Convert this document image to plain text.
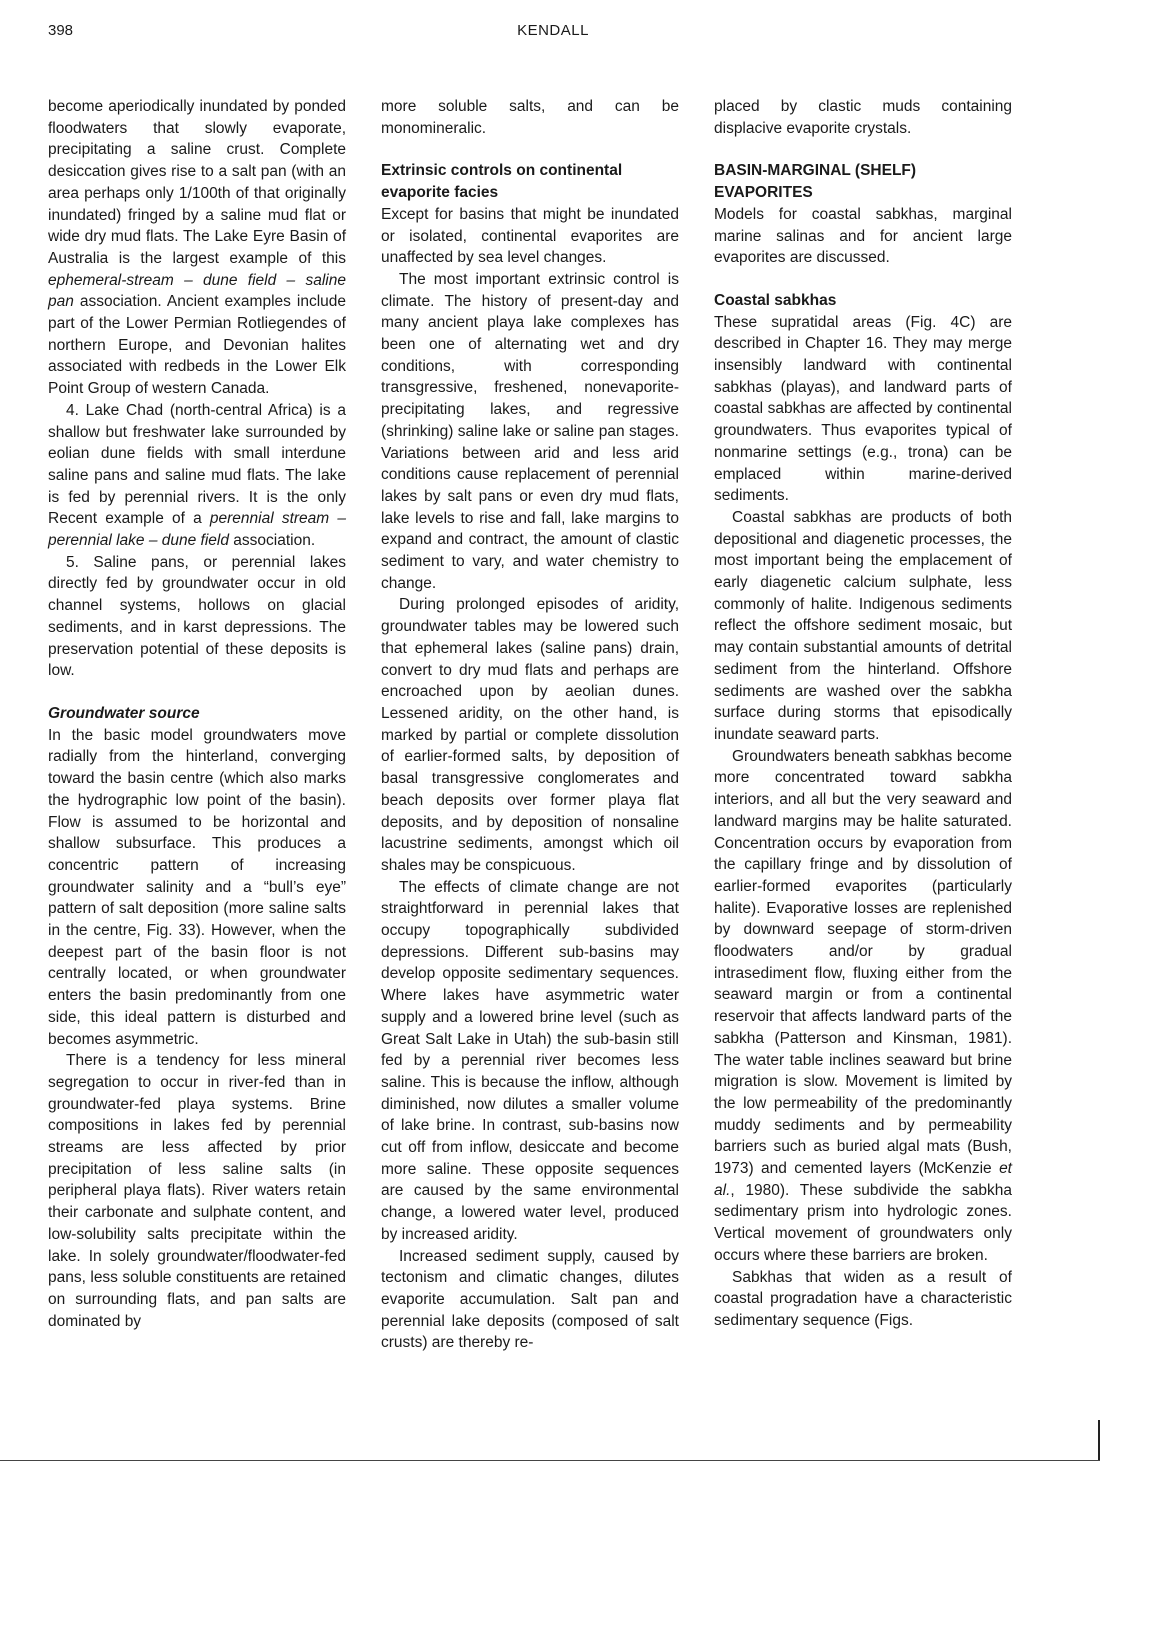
398	KENDALL

become aperiodically inundated by ponded floodwaters that slowly evaporate, precipitating a saline crust. Complete desiccation gives rise to a salt pan (with an area perhaps only 1/100th of that originally inundated) fringed by a saline mud flat or wide dry mud flats. The Lake Eyre Basin of Australia is the largest example of this ephemeral-stream – dune field – saline pan association. Ancient examples include part of the Lower Permian Rotliegendes of northern Europe, and Devonian halites associated with redbeds in the Lower Elk Point Group of western Canada.

4. Lake Chad (north-central Africa) is a shallow but freshwater lake surrounded by eolian dune fields with small interdune saline pans and saline mud flats. The lake is fed by perennial rivers. It is the only Recent example of a perennial stream – perennial lake – dune field association.

5. Saline pans, or perennial lakes directly fed by groundwater occur in old channel systems, hollows on glacial sediments, and in karst depressions. The preservation potential of these deposits is low.

Groundwater source

In the basic model groundwaters move radially from the hinterland, converging toward the basin centre (which also marks the hydrographic low point of the basin). Flow is assumed to be horizontal and shallow subsurface. This produces a concentric pattern of increasing groundwater salinity and a “bull’s eye” pattern of salt deposition (more saline salts in the centre, Fig. 33). However, when the deepest part of the basin floor is not centrally located, or when groundwater enters the basin predominantly from one side, this ideal pattern is disturbed and becomes asymmetric.

There is a tendency for less mineral segregation to occur in river-fed than in groundwater-fed playa systems. Brine compositions in lakes fed by perennial streams are less affected by prior precipitation of less saline salts (in peripheral playa flats). River waters retain their carbonate and sulphate content, and low-solubility salts precipitate within the lake. In solely groundwater/floodwater-fed pans, less soluble constituents are retained on surrounding flats, and pan salts are dominated by

more soluble salts, and can be monomineralic.

Extrinsic controls on continental evaporite facies

Except for basins that might be inundated or isolated, continental evaporites are unaffected by sea level changes.

The most important extrinsic control is climate. The history of present-day and many ancient playa lake complexes has been one of alternating wet and dry conditions, with corresponding transgressive, freshened, nonevaporite-precipitating lakes, and regressive (shrinking) saline lake or saline pan stages. Variations between arid and less arid conditions cause replacement of perennial lakes by salt pans or even dry mud flats, lake levels to rise and fall, lake margins to expand and contract, the amount of clastic sediment to vary, and water chemistry to change.

During prolonged episodes of aridity, groundwater tables may be lowered such that ephemeral lakes (saline pans) drain, convert to dry mud flats and perhaps are encroached upon by aeolian dunes. Lessened aridity, on the other hand, is marked by partial or complete dissolution of earlier-formed salts, by deposition of basal transgressive conglomerates and beach deposits over former playa flat deposits, and by deposition of nonsaline lacustrine sediments, amongst which oil shales may be conspicuous.

The effects of climate change are not straightforward in perennial lakes that occupy topographically subdivided depressions. Different sub-basins may develop opposite sedimentary sequences. Where lakes have asymmetric water supply and a lowered brine level (such as Great Salt Lake in Utah) the sub-basin still fed by a perennial river becomes less saline. This is because the inflow, although diminished, now dilutes a smaller volume of lake brine. In contrast, sub-basins now cut off from inflow, desiccate and become more saline. These opposite sequences are caused by the same environmental change, a lowered water level, produced by increased aridity.

Increased sediment supply, caused by tectonism and climatic changes, dilutes evaporite accumulation. Salt pan and perennial lake deposits (composed of salt crusts) are thereby re-

placed by clastic muds containing displacive evaporite crystals.

BASIN-MARGINAL (SHELF) EVAPORITES

Models for coastal sabkhas, marginal marine salinas and for ancient large evaporites are discussed.

Coastal sabkhas

These supratidal areas (Fig. 4C) are described in Chapter 16. They may merge insensibly landward with continental sabkhas (playas), and landward parts of coastal sabkhas are affected by continental groundwaters. Thus evaporites typical of nonmarine settings (e.g., trona) can be emplaced within marine-derived sediments.

Coastal sabkhas are products of both depositional and diagenetic processes, the most important being the emplacement of early diagenetic calcium sulphate, less commonly of halite. Indigenous sediments reflect the offshore sediment mosaic, but may contain substantial amounts of detrital sediment from the hinterland. Offshore sediments are washed over the sabkha surface during storms that episodically inundate seaward parts.

Groundwaters beneath sabkhas become more concentrated toward sabkha interiors, and all but the very seaward and landward margins may be halite saturated. Concentration occurs by evaporation from the capillary fringe and by dissolution of earlier-formed evaporites (particularly halite). Evaporative losses are replenished by downward seepage of storm-driven floodwaters and/or by gradual intrasediment flow, fluxing either from the seaward margin or from a continental reservoir that affects landward parts of the sabkha (Patterson and Kinsman, 1981). The water table inclines seaward but brine migration is slow. Movement is limited by the low permeability of the predominantly muddy sediments and by permeability barriers such as buried algal mats (Bush, 1973) and cemented layers (McKenzie et al., 1980). These subdivide the sabkha sedimentary prism into hydrologic zones. Vertical movement of groundwaters only occurs where these barriers are broken.

Sabkhas that widen as a result of coastal progradation have a characteristic sedimentary sequence (Figs.
